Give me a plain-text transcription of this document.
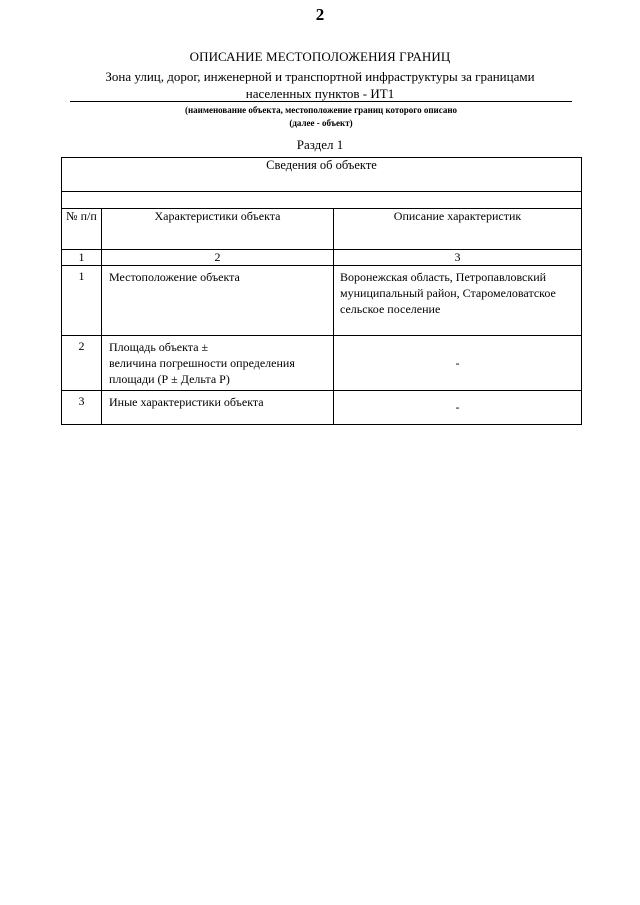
2
ОПИСАНИЕ МЕСТОПОЛОЖЕНИЯ ГРАНИЦ
Зона улиц, дорог, инженерной и транспортной инфраструктуры за границами
населенных пунктов - ИТ1
(наименование объекта, местоположение границ которого описано
(далее - объект)
Раздел 1
Сведения об объекте		

№ п/п	Характеристики объекта	Описание характеристик
1	2	3
1	Местоположение объекта	Воронежская область, Петропавловский муниципальный район, Старомеловатское сельское поселение
2	Площадь объекта ±
величина погрешности определения площади (Р ± Дельта Р)	-
3	Иные характеристики объекта	-
